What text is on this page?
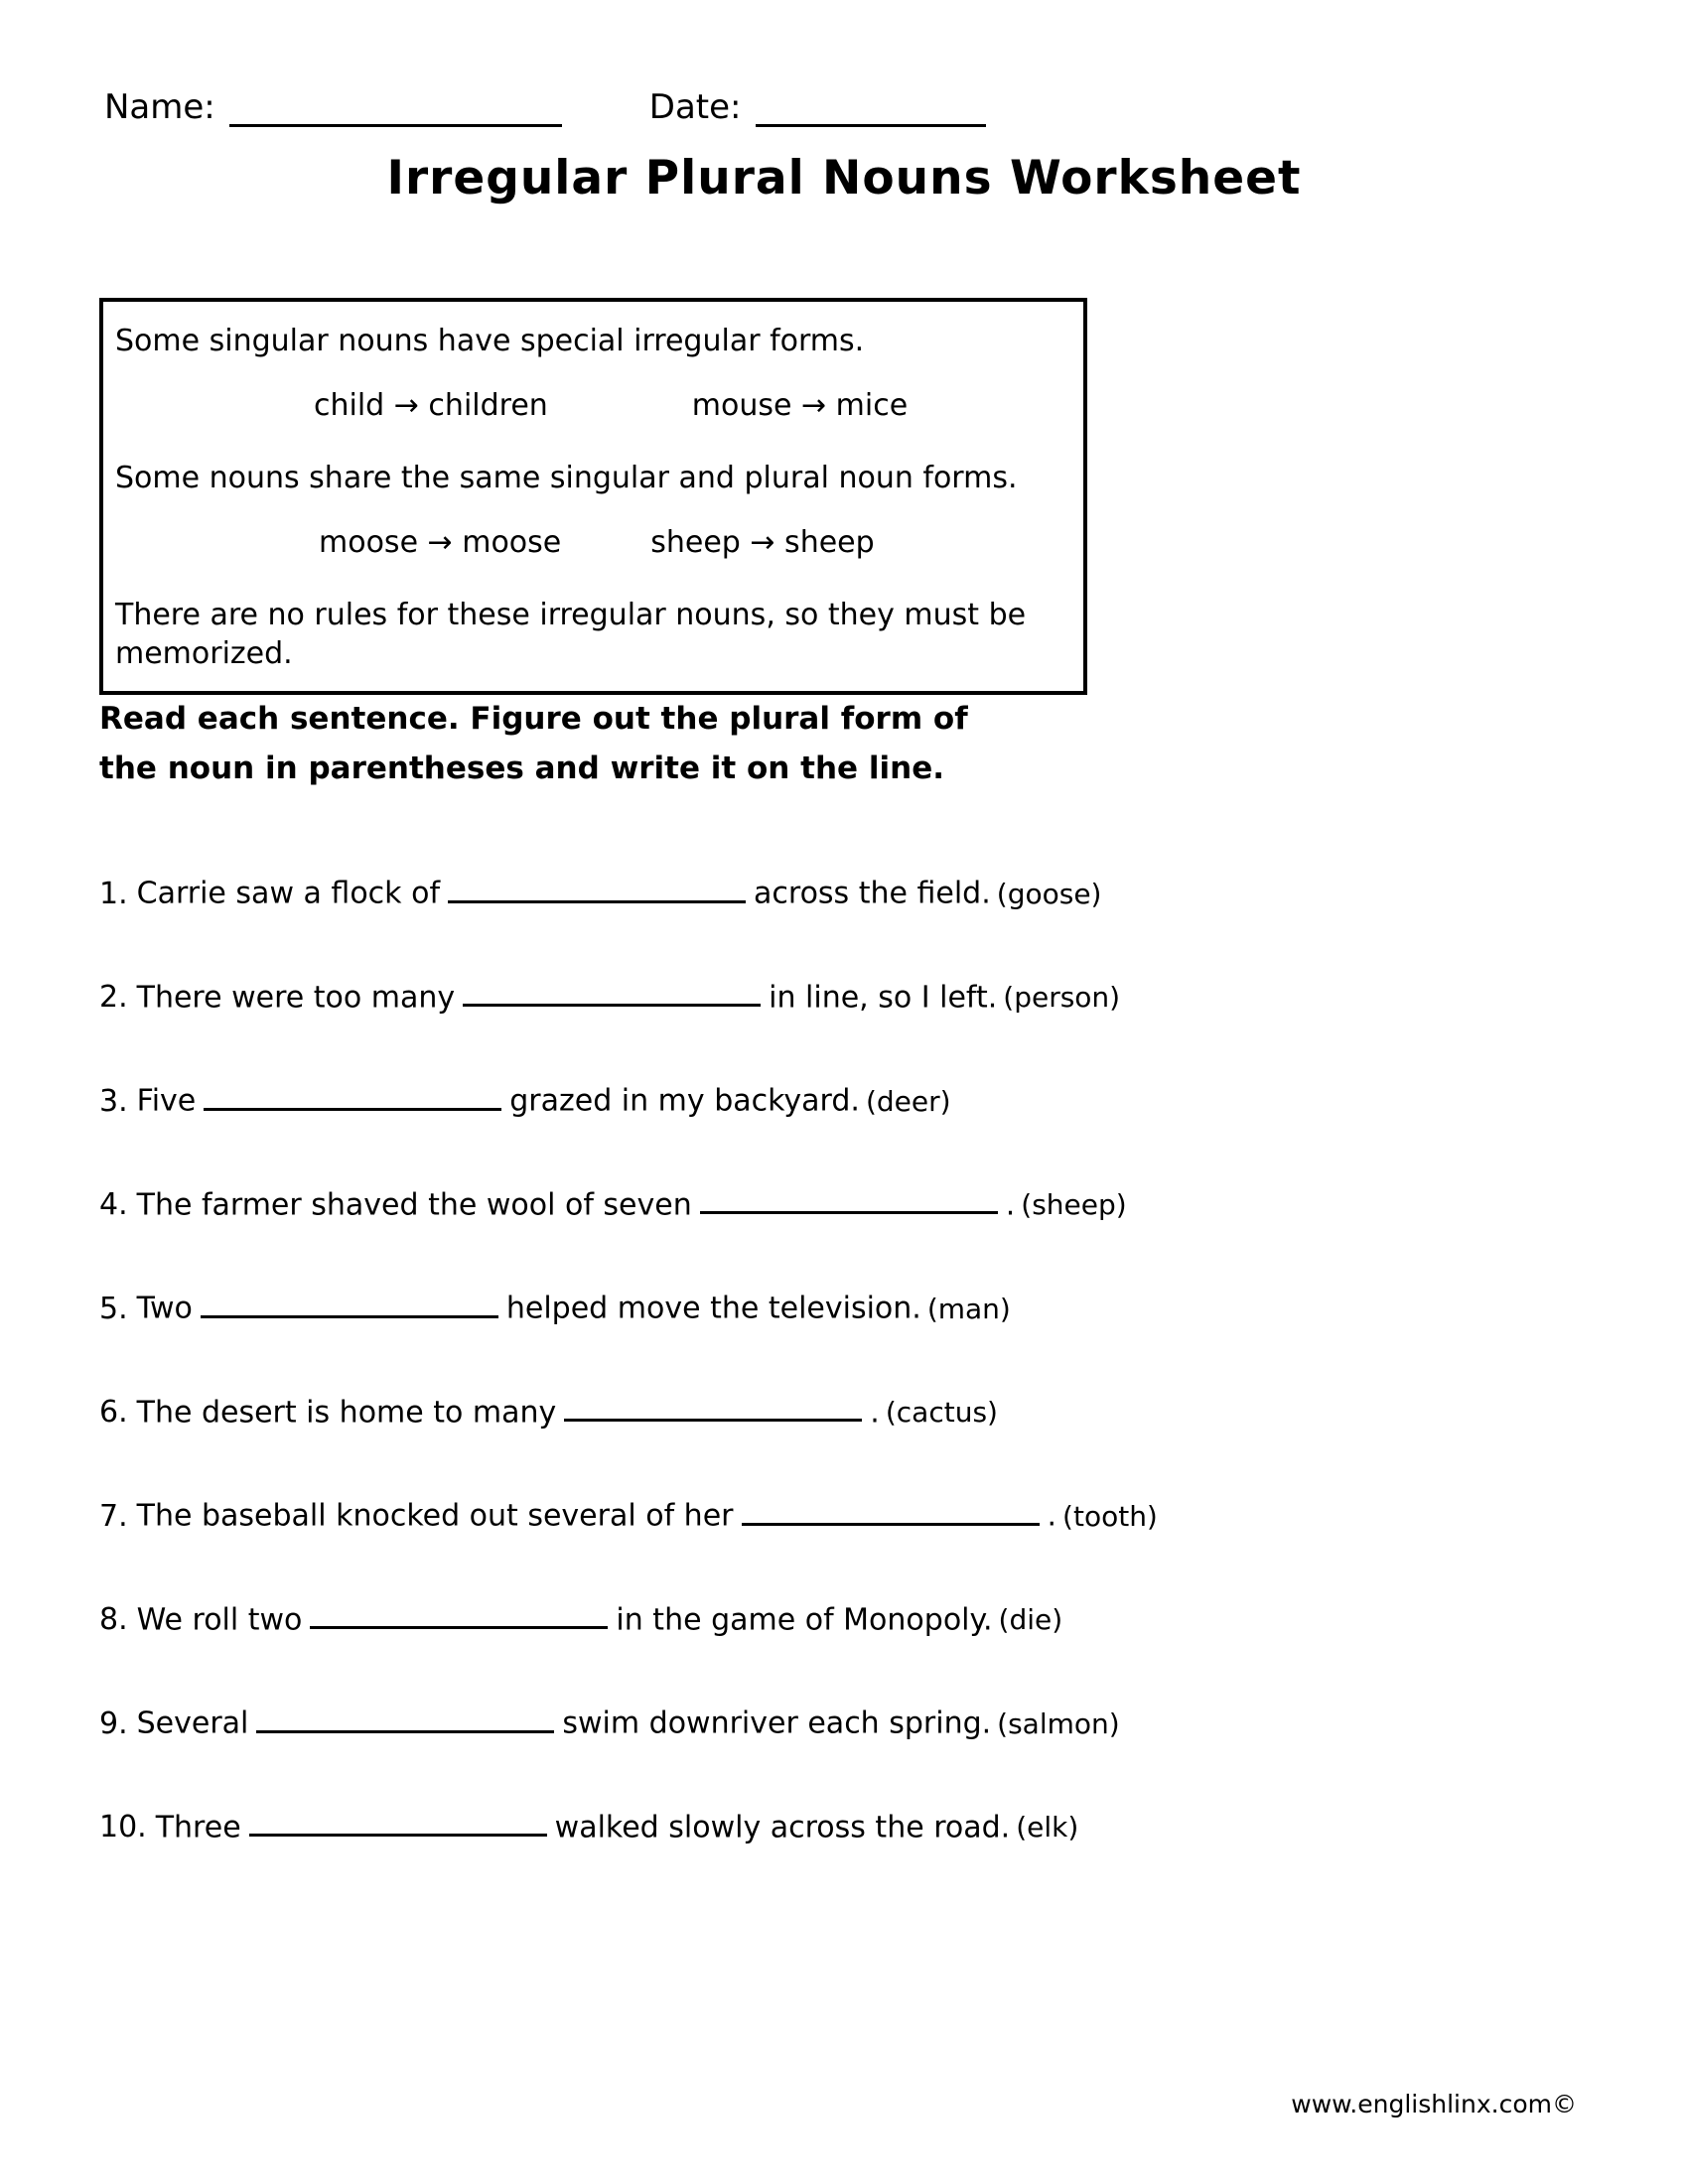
Name:	Date:
Irregular Plural Nouns Worksheet
Some singular nouns have special irregular forms.
child → children	mouse → mice
Some nouns share the same singular and plural noun forms.
moose → moose	sheep → sheep
There are no rules for these irregular nouns, so they must be memorized.
Read each sentence. Figure out the plural form of the noun in parentheses and write it on the line.
1. Carrie saw a flock of	across the field. (goose)
2. There were too many	in line, so I left. (person)
3. Five	grazed in my backyard. (deer)
4. The farmer shaved the wool of seven	. (sheep)
5. Two	helped move the television. (man)
6. The desert is home to many	. (cactus)
7. The baseball knocked out several of her	. (tooth)
8. We roll two	in the game of Monopoly. (die)
9. Several	swim downriver each spring. (salmon)
10. Three	walked slowly across the road. (elk)
www.englishlinx.com©
